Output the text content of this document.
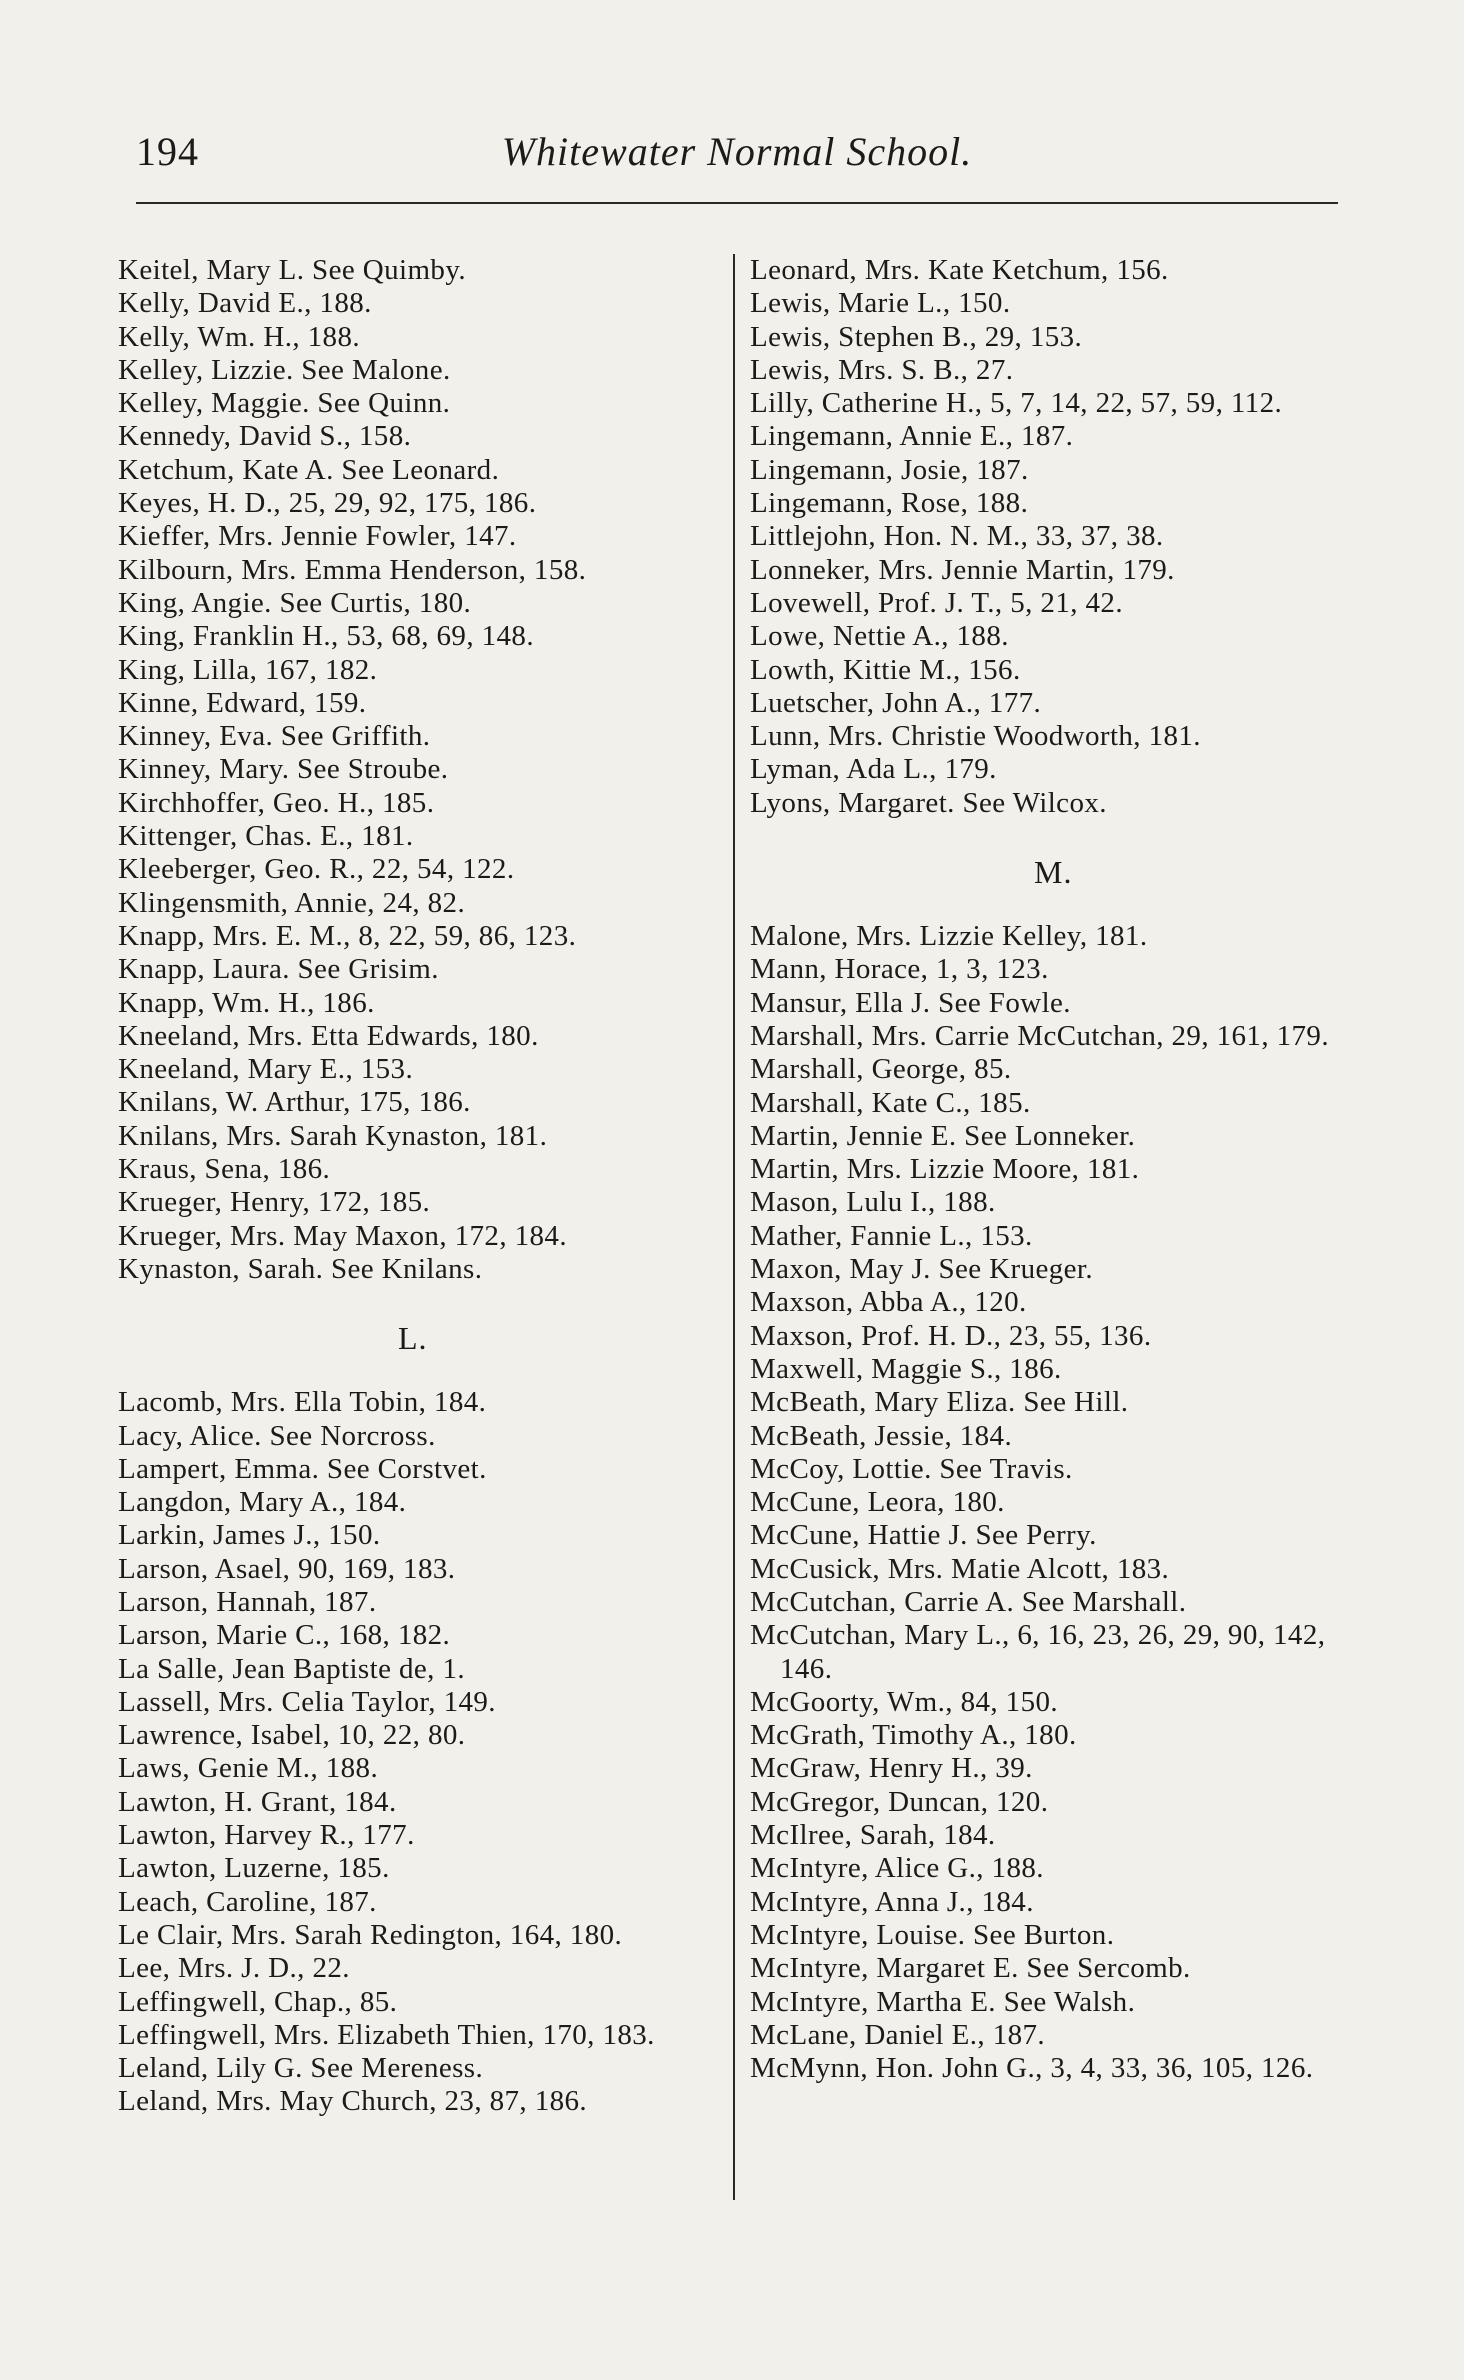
194	Whitewater Normal School.
Keitel, Mary L. See Quimby.
Kelly, David E., 188.
Kelly, Wm. H., 188.
Kelley, Lizzie. See Malone.
Kelley, Maggie. See Quinn.
Kennedy, David S., 158.
Ketchum, Kate A. See Leonard.
Keyes, H. D., 25, 29, 92, 175, 186.
Kieffer, Mrs. Jennie Fowler, 147.
Kilbourn, Mrs. Emma Henderson, 158.
King, Angie. See Curtis, 180.
King, Franklin H., 53, 68, 69, 148.
King, Lilla, 167, 182.
Kinne, Edward, 159.
Kinney, Eva. See Griffith.
Kinney, Mary. See Stroube.
Kirchhoffer, Geo. H., 185.
Kittenger, Chas. E., 181.
Kleeberger, Geo. R., 22, 54, 122.
Klingensmith, Annie, 24, 82.
Knapp, Mrs. E. M., 8, 22, 59, 86, 123.
Knapp, Laura. See Grisim.
Knapp, Wm. H., 186.
Kneeland, Mrs. Etta Edwards, 180.
Kneeland, Mary E., 153.
Knilans, W. Arthur, 175, 186.
Knilans, Mrs. Sarah Kynaston, 181.
Kraus, Sena, 186.
Krueger, Henry, 172, 185.
Krueger, Mrs. May Maxon, 172, 184.
Kynaston, Sarah. See Knilans.
L.
Lacomb, Mrs. Ella Tobin, 184.
Lacy, Alice. See Norcross.
Lampert, Emma. See Corstvet.
Langdon, Mary A., 184.
Larkin, James J., 150.
Larson, Asael, 90, 169, 183.
Larson, Hannah, 187.
Larson, Marie C., 168, 182.
La Salle, Jean Baptiste de, 1.
Lassell, Mrs. Celia Taylor, 149.
Lawrence, Isabel, 10, 22, 80.
Laws, Genie M., 188.
Lawton, H. Grant, 184.
Lawton, Harvey R., 177.
Lawton, Luzerne, 185.
Leach, Caroline, 187.
Le Clair, Mrs. Sarah Redington, 164, 180.
Lee, Mrs. J. D., 22.
Leffingwell, Chap., 85.
Leffingwell, Mrs. Elizabeth Thien, 170, 183.
Leland, Lily G. See Mereness.
Leland, Mrs. May Church, 23, 87, 186.
Leonard, Mrs. Kate Ketchum, 156.
Lewis, Marie L., 150.
Lewis, Stephen B., 29, 153.
Lewis, Mrs. S. B., 27.
Lilly, Catherine H., 5, 7, 14, 22, 57, 59, 112.
Lingemann, Annie E., 187.
Lingemann, Josie, 187.
Lingemann, Rose, 188.
Littlejohn, Hon. N. M., 33, 37, 38.
Lonneker, Mrs. Jennie Martin, 179.
Lovewell, Prof. J. T., 5, 21, 42.
Lowe, Nettie A., 188.
Lowth, Kittie M., 156.
Luetscher, John A., 177.
Lunn, Mrs. Christie Woodworth, 181.
Lyman, Ada L., 179.
Lyons, Margaret. See Wilcox.
M.
Malone, Mrs. Lizzie Kelley, 181.
Mann, Horace, 1, 3, 123.
Mansur, Ella J. See Fowle.
Marshall, Mrs. Carrie McCutchan, 29, 161, 179.
Marshall, George, 85.
Marshall, Kate C., 185.
Martin, Jennie E. See Lonneker.
Martin, Mrs. Lizzie Moore, 181.
Mason, Lulu I., 188.
Mather, Fannie L., 153.
Maxon, May J. See Krueger.
Maxson, Abba A., 120.
Maxson, Prof. H. D., 23, 55, 136.
Maxwell, Maggie S., 186.
McBeath, Mary Eliza. See Hill.
McBeath, Jessie, 184.
McCoy, Lottie. See Travis.
McCune, Leora, 180.
McCune, Hattie J. See Perry.
McCusick, Mrs. Matie Alcott, 183.
McCutchan, Carrie A. See Marshall.
McCutchan, Mary L., 6, 16, 23, 26, 29, 90, 142, 146.
McGoorty, Wm., 84, 150.
McGrath, Timothy A., 180.
McGraw, Henry H., 39.
McGregor, Duncan, 120.
McIlree, Sarah, 184.
McIntyre, Alice G., 188.
McIntyre, Anna J., 184.
McIntyre, Louise. See Burton.
McIntyre, Margaret E. See Sercomb.
McIntyre, Martha E. See Walsh.
McLane, Daniel E., 187.
McMynn, Hon. John G., 3, 4, 33, 36, 105, 126.
